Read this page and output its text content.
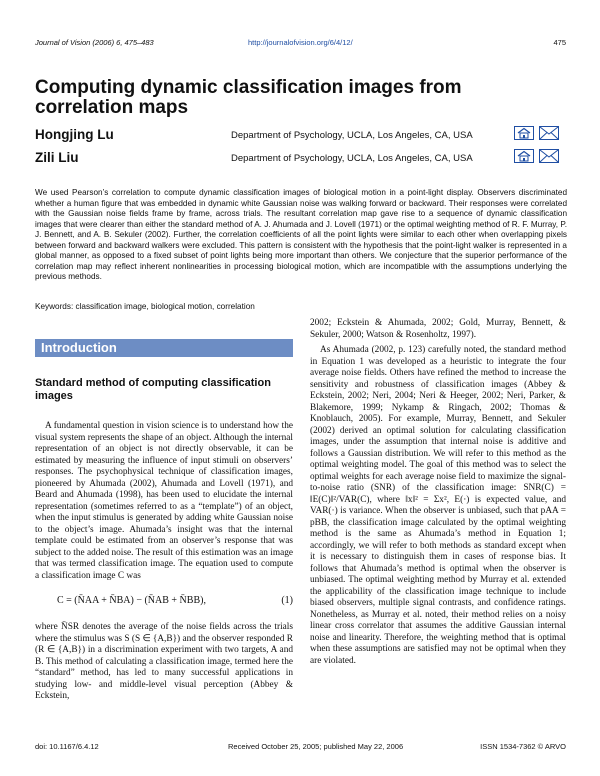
Journal of Vision (2006) 6, 475–483	http://journalofvision.org/6/4/12/	475
Computing dynamic classification images from correlation maps
Hongjing Lu	Department of Psychology, UCLA, Los Angeles, CA, USA
Zili Liu	Department of Psychology, UCLA, Los Angeles, CA, USA
We used Pearson’s correlation to compute dynamic classification images of biological motion in a point-light display. Observers discriminated whether a human figure that was embedded in dynamic white Gaussian noise was walking forward or backward. Their responses were correlated with the Gaussian noise fields frame by frame, across trials. The resultant correlation map gave rise to a sequence of dynamic classification images that were clearer than either the standard method of A. J. Ahumada and J. Lovell (1971) or the optimal weighting method of R. F. Murray, P. J. Bennett, and A. B. Sekuler (2002). Further, the correlation coefficients of all the point lights were similar to each other when overlapping pixels between forward and backward walkers were excluded. This pattern is consistent with the hypothesis that the point-light walker is represented in a global manner, as opposed to a fixed subset of point lights being more important than others. We conjecture that the superior performance of the correlation map may reflect inherent nonlinearities in processing biological motion, which are incompatible with the assumptions underlying the previous methods.
Keywords: classification image, biological motion, correlation
Introduction
Standard method of computing classification images
A fundamental question in vision science is to understand how the visual system represents the shape of an object. Although the internal representation of an object is not directly observable, it can be estimated by measuring the influence of input stimuli on observers’ responses. The psychophysical technique of classification images, pioneered by Ahumada (2002), Ahumada and Lovell (1971), and Beard and Ahumada (1998), has been used to elucidate the internal representation (sometimes referred to as a “template”) of an object, when the input stimulus is generated by adding white Gaussian noise to the object’s image. Ahumada’s insight was that the internal template could be estimated from an observer’s response that was subject to the added noise. The result of this estimation was an image that was termed classification image. The equation used to compute a classification image C was
C = (N̄AA + N̄BA) − (N̄AB + N̄BB),	(1)
where N̄SR denotes the average of the noise fields across the trials where the stimulus was S (S ∈ {A,B}) and the observer responded R (R ∈ {A,B}) in a discrimination experiment with two targets, A and B. This method of calculating a classification image, termed here the “standard” method, has led to many successful applications in studying low- and middle-level visual perception (Abbey & Eckstein,
2002; Eckstein & Ahumada, 2002; Gold, Murray, Bennett, & Sekuler, 2000; Watson & Rosenholtz, 1997).
As Ahumada (2002, p. 123) carefully noted, the standard method in Equation 1 was developed as a heuristic to integrate the four average noise fields. Others have refined the method to increase the sensitivity and robustness of classification images (Abbey & Eckstein, 2002; Neri, 2004; Neri & Heeger, 2002; Neri, Parker, & Blakemore, 1999; Nykamp & Ringach, 2002; Thomas & Knoblauch, 2005). For example, Murray, Bennett, and Sekuler (2002) derived an optimal solution for calculating classification images, under the assumption that internal noise is additive and follows a Gaussian distribution. We will refer to this method as the optimal weighting model. The goal of this method was to select the optimal weights for each average noise field to maximize the signal-to-noise ratio (SNR) of the classification image: SNR(C) = ‖E(C)‖²/VAR(C), where ‖x‖² = Σx², E(·) is expected value, and VAR(·) is variance. When the observer is unbiased, such that pAA = pBB, the classification image calculated by the optimal weighting method is the same as Ahumada’s method in Equation 1; accordingly, we will refer to both methods as standard except when it is necessary to distinguish them in cases of response bias. It follows that Ahumada’s method is optimal when the observer is unbiased. The optimal weighting method by Murray et al. extended the applicability of the classification image technique to include biased observers, multiple signal contrasts, and confidence ratings. Nonetheless, as Murray et al. noted, their method relies on a noisy linear cross correlator that assumes the additive Gaussian internal noise and linearity. Therefore, the weighting method that is optimal when these assumptions are satisfied may not be optimal when they are violated.
doi: 10.1167/6.4.12	Received October 25, 2005; published May 22, 2006	ISSN 1534-7362 © ARVO
